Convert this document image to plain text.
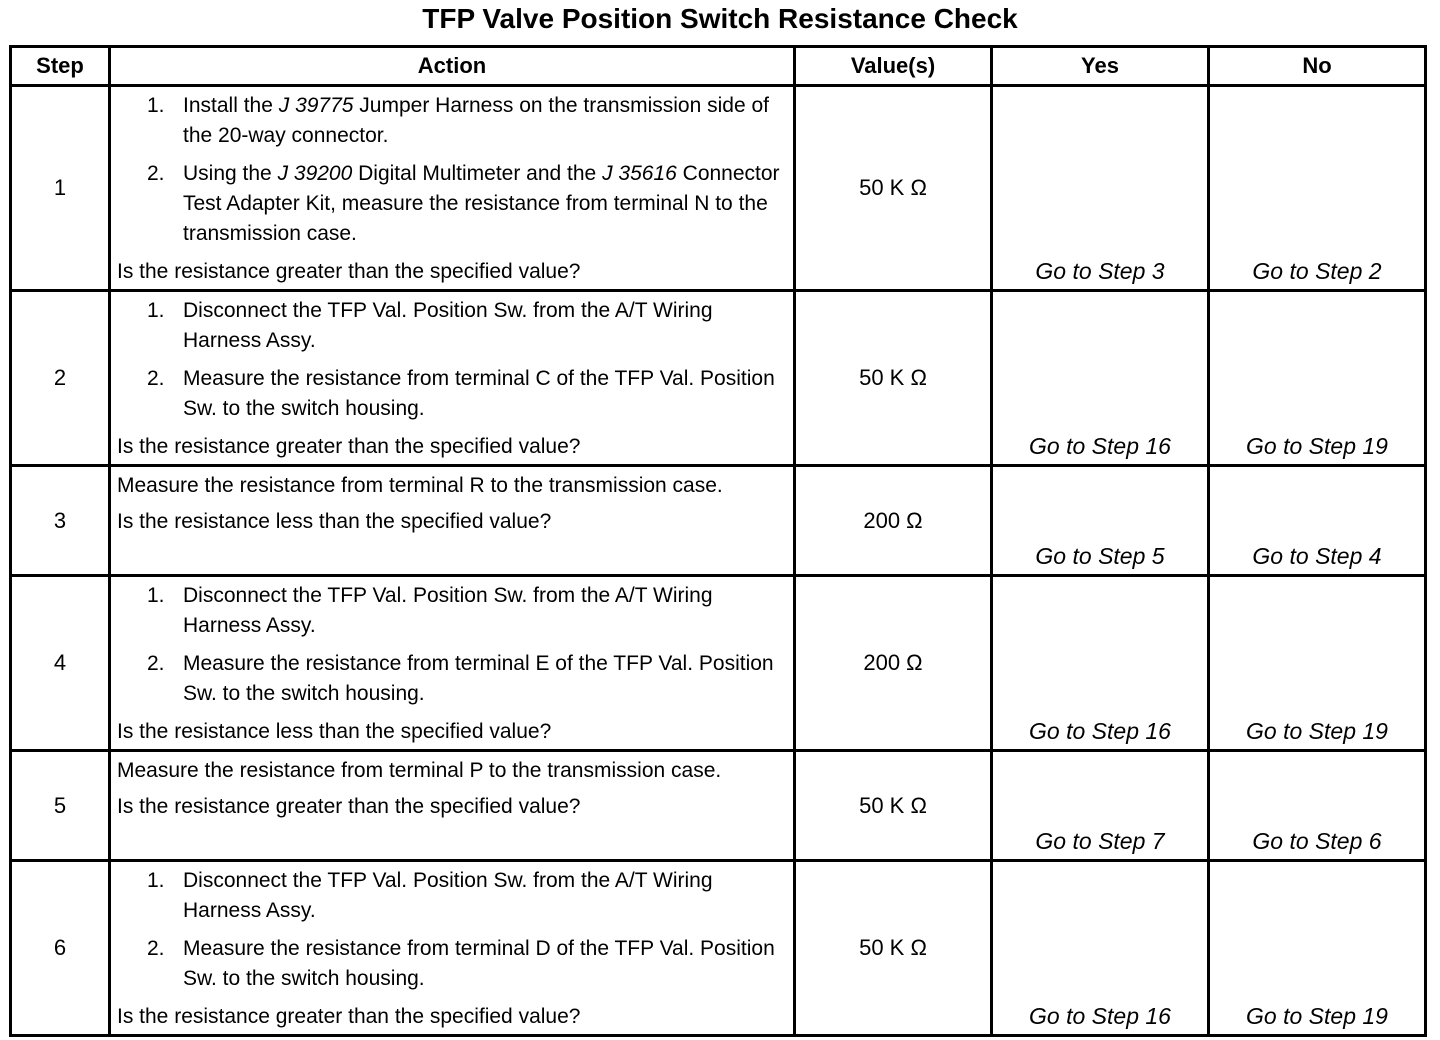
TFP Valve Position Switch Resistance Check
Step	Action	Value(s)	Yes	No
1	1. Install the J 39775 Jumper Harness on the transmission side of the 20-way connector.
2. Using the J 39200 Digital Multimeter and the J 35616 Connector Test Adapter Kit, measure the resistance from terminal N to the transmission case.
Is the resistance greater than the specified value?	50 K Ω	Go to Step 3	Go to Step 2
2	1. Disconnect the TFP Val. Position Sw. from the A/T Wiring Harness Assy.
2. Measure the resistance from terminal C of the TFP Val. Position Sw. to the switch housing.
Is the resistance greater than the specified value?	50 K Ω	Go to Step 16	Go to Step 19
3	Measure the resistance from terminal R to the transmission case.
Is the resistance less than the specified value?	200 Ω	Go to Step 5	Go to Step 4
4	1. Disconnect the TFP Val. Position Sw. from the A/T Wiring Harness Assy.
2. Measure the resistance from terminal E of the TFP Val. Position Sw. to the switch housing.
Is the resistance less than the specified value?	200 Ω	Go to Step 16	Go to Step 19
5	Measure the resistance from terminal P to the transmission case.
Is the resistance greater than the specified value?	50 K Ω	Go to Step 7	Go to Step 6
6	1. Disconnect the TFP Val. Position Sw. from the A/T Wiring Harness Assy.
2. Measure the resistance from terminal D of the TFP Val. Position Sw. to the switch housing.
Is the resistance greater than the specified value?	50 K Ω	Go to Step 16	Go to Step 19
